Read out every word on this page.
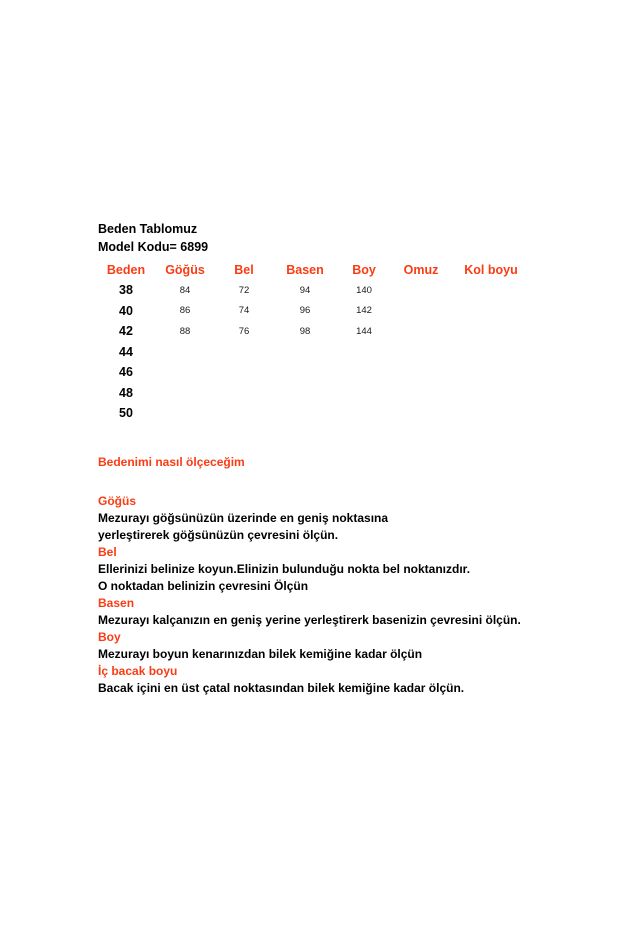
Beden Tablomuz
Model Kodu= 6899
Beden	Göğüs	Bel	Basen	Boy	Omuz	Kol boyu
38	84	72	94	140		
40	86	74	96	142		
42	88	76	98	144		
44						
46						
48						
50						
Bedenimi nasıl ölçeceğim
Göğüs
Mezurayı göğsünüzün üzerinde en geniş noktasına
yerleştirerek göğsünüzün çevresini ölçün.
Bel
Ellerinizi belinize koyun.Elinizin bulunduğu nokta bel noktanızdır.
O noktadan belinizin çevresini Ölçün
Basen
Mezurayı kalçanızın en geniş yerine yerleştirerk basenizin çevresini ölçün.
Boy
Mezurayı boyun kenarınızdan bilek kemiğine kadar ölçün
İç bacak boyu
Bacak içini en üst çatal noktasından bilek kemiğine kadar ölçün.
